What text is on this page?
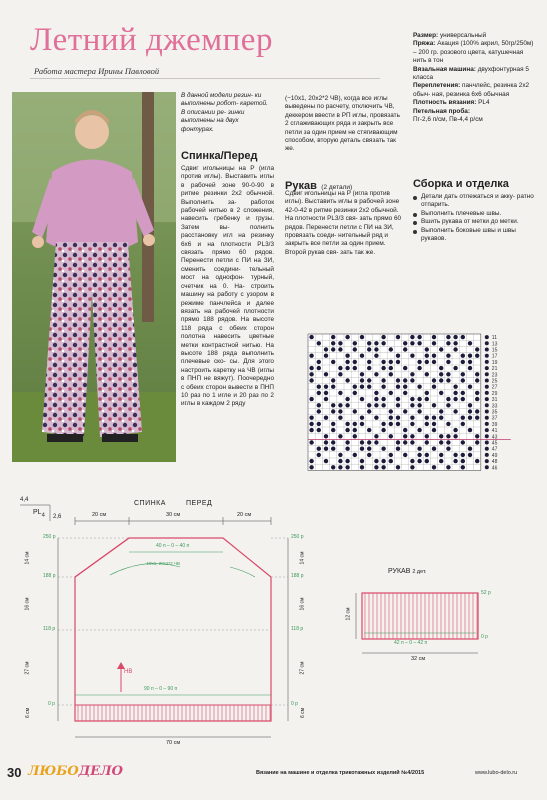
Летний джемпер
Работа мастера Ирины Павловой
В данной модели резин- ки выполнены робот- каретой. В описании ре- зинки выполнены на двух фонтурах.
Спинка/Перед
Сдвиг игольницы на Р (игла против иглы). Выставить иглы в рабочей зоне 90-0-90 в ритме резинки 2х2 обычной. Выполнить за- работок рабочей нитью в 2 сложения, навесить гребенку и грузы. Затем вы- полнить расстановку игл на резинку 6х6 и на плотности PL3/3 связать прямо 60 рядов. Перенести петли с ПИ на ЗИ, сменить соедини- тельный мост на однофон- турный, счетчик на 0. На- строить машину на работу с узором в режиме панчлейса и далее вязать на рабочей плотности прямо 188 рядов. На высоте 118 ряда с обеих сторон полотна навесить цветные метки контрастной нитью. На высоте 188 ряда выполнить плечевые ско- сы. Для этого настроить каретку на ЧВ (иглы в ПНП не вяжут). Поочередно с обеих сторон вывести в ПНП 10 раз по 1 игле и 20 раз по 2 иглы в каждом 2 ряду
(−10х1, 20х2*2 ЧВ), когда все иглы выведены по расчету, отключить ЧВ, деккером ввести в РП иглы, провязать 2 сглаживающих ряда и закрыть все петли за один прием не стягивающим способом, вторую деталь связать так же.
Рукав (2 детали)
Сдвиг игольницы на Р (игла против иглы). Выставить иглы в рабочей зоне 42-0-42 в ритме резинки 2х2 обычной. На плотности PL3/3 свя- зать прямо 60 рядов. Перенести петли с ПИ на ЗИ, провязать соеди- нительный ряд и закрыть все петли за один прием. Второй рукав свя- зать так же.
Размер: универсальный
Пряжа: Акация (100% акрил, 50гр/250м) – 200 гр. розового цвета, катушечная нить в тон
Вязальная машина: двухфонтурная 5 класса
Переплетения: панчлейс, резинка 2х2 обыч- ная, резинка 6х6 обычная
Плотность вязания: PL4
Петельная проба:
Пг-2,6 п/см, Пв-4,4 р/см
Сборка и отделка
Детали дать отлежаться и акку- ратно отпарить.
Выполнить плечевые швы.
Вшить рукава от метки до метки.
Выполнить боковые швы и швы рукавов.
11
13
15
17
19
21
23
25
27
29
31
33
35
37
39
41
43
45
47
49
48
46
4,4
$PL_4$ 2,6
СПИНКА	ПЕРЕД
20 см	30 см	20 см
250 р
188 р
118 р
0 р
250 р
188 р
118 р
0 р
14 см
16 см
27 см
6 см
14 см
16 см
27 см
6 см
40 п – 0 – 40 п
90 п – 0 – 90 п
-10х1, 20х2*2 ЧВ
НВ
70 см
РУКАВ 2 дет.
12 см
52 р
0 р
42 п – 0 – 42 п
32 см
30 ЛЮБОДЕЛО	Вязание на машине и отделка трикотажных изделий №4/2015	www.lubo-delo.ru
